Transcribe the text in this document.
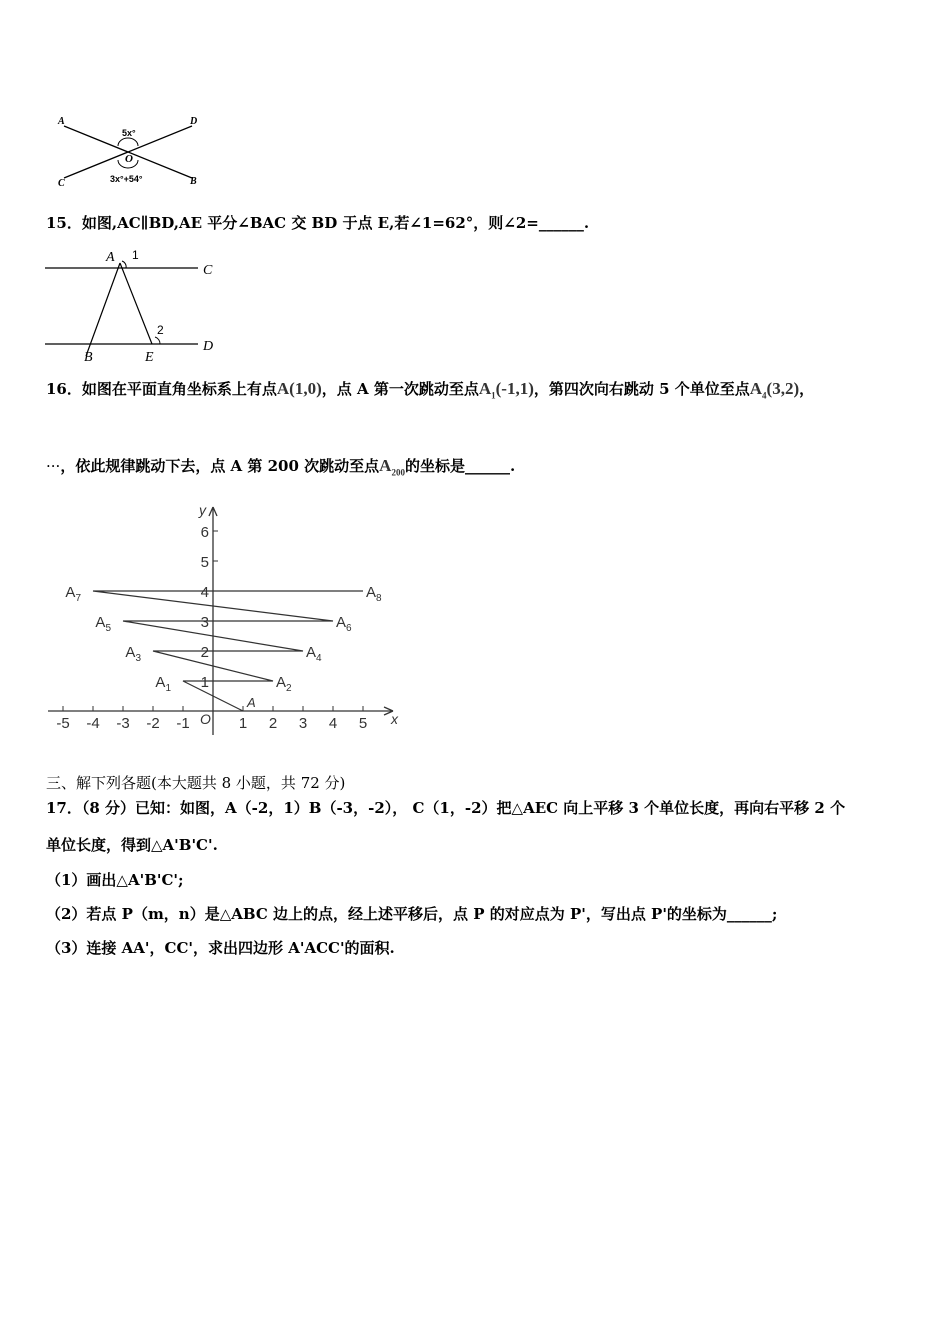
A	D
C	B
O
5x°
3x°+54°
15．如图,AC∥BD,AE 平分∠BAC 交 BD 于点 E,若∠1=62°，则∠2=______.
A 1
C
2
B	E
D
16．如图在平面直角坐标系上有点A(1,0)，点 A 第一次跳动至点$A_1(-1,1)$，第四次向右跳动 5 个单位至点$A_4(3,2)$，
···，依此规律跳动下去，点 A 第 200 次跳动至点$A_{200}$的坐标是______.
x
y
O
-5 -4 -3 -2 -1	1 2 3 4 5
1
2
3
4
5
6
A
$A_1$	$A_2$
$A_3$	$A_4$
$A_5$	$A_6$
$A_7$	$A_8$
三、解下列各题(本大题共 8 小题，共 72 分)
17．（8 分）已知：如图，A（-2，1）B（-3，-2）， C（1，-2）把△AEC 向上平移 3 个单位长度，再向右平移 2 个
单位长度，得到△A'B'C'.
（1）画出△A'B'C';
（2）若点 P（m，n）是△ABC 边上的点，经上述平移后，点 P 的对应点为 P'，写出点 P'的坐标为______;
（3）连接 AA'，CC'，求出四边形 A'ACC'的面积.
